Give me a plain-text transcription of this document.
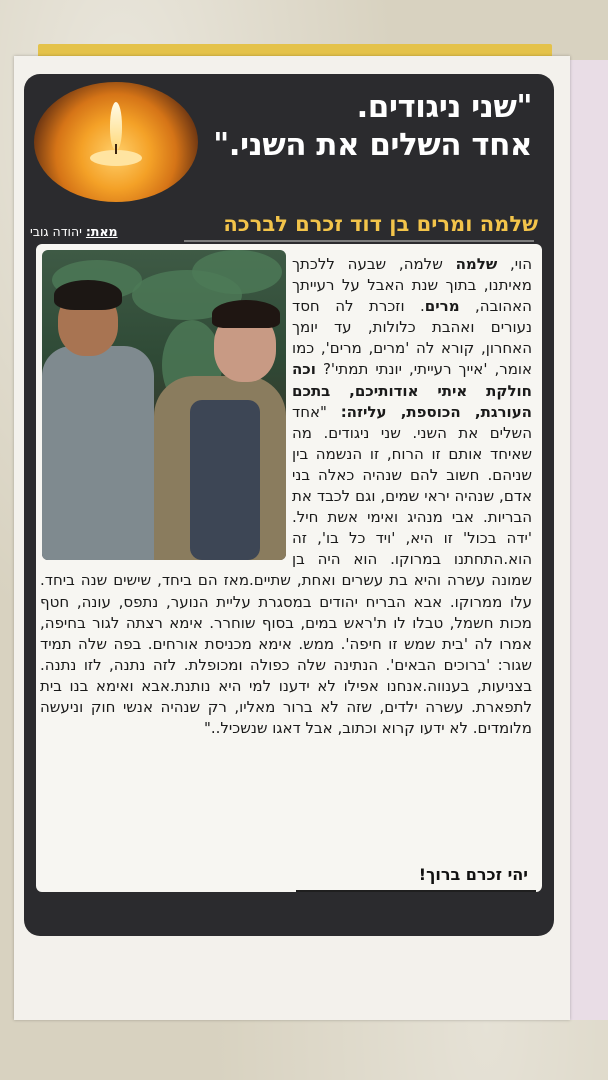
"שני ניגודים.
אחד השלים את השני."
מאת: יהודה גובי	שלמה ומרים בן דוד זכרם לברכה
הוי, שלמה שלמה, שבעה ללכתך מאיתנו, בתוך שנת האבל על רעייתך האהובה, מרים. וזכרת לה חסד נעורים ואהבת כלולות, עד יומך האחרון, קורא לה 'מרים, מרים', כמו אומר, 'אייך רעייתי, יונתי תמתי'? וכה חולקת איתי אודותיכם, בתכם העורגת, הכוספת, עליזה: "אחד השלים את השני. שני ניגודים. מה שאיחד אותם זו הרוח, זו הנשמה בין שניהם. חשוב להם שנהיה כאלה בני אדם, שנהיה יראי שמים, וגם לכבד את הבריות. אבי מנהיג ואימי אשת חיל. 'ידה בכול' זו היא, 'ויד כל בו', זה הוא.התחתנו במרוקו. הוא היה בן שמונה עשרה והיא בת עשרים ואחת, שתיים.מאז הם ביחד, שישים שנה ביחד. עלו ממרוקו. אבא הבריח יהודים במסגרת עליית הנוער, נתפס, עונה, חטף מכות חשמל, טבלו לו ת'ראש במים, בסוף שוחרר. אימא רצתה לגור בחיפה, אמרו לה 'בית שמש זו חיפה'. ממש. אימא מכניסת אורחים. בפה שלה תמיד שגור: 'ברוכים הבאים'. הנתינה שלה כפולה ומכופלת. לזה נתנה, לזו נתנה. בצניעות, בענווה.אנחנו אפילו לא ידענו למי היא נותנת.אבא ואימא בנו בית לתפארת. עשרה ילדים, שזה לא ברור מאליו, רק שנהיה אנשי חוק וניעשה מלומדים. לא ידעו קרוא וכתוב, אבל דאגו שנשכיל.."
יהי זכרם ברוך!
